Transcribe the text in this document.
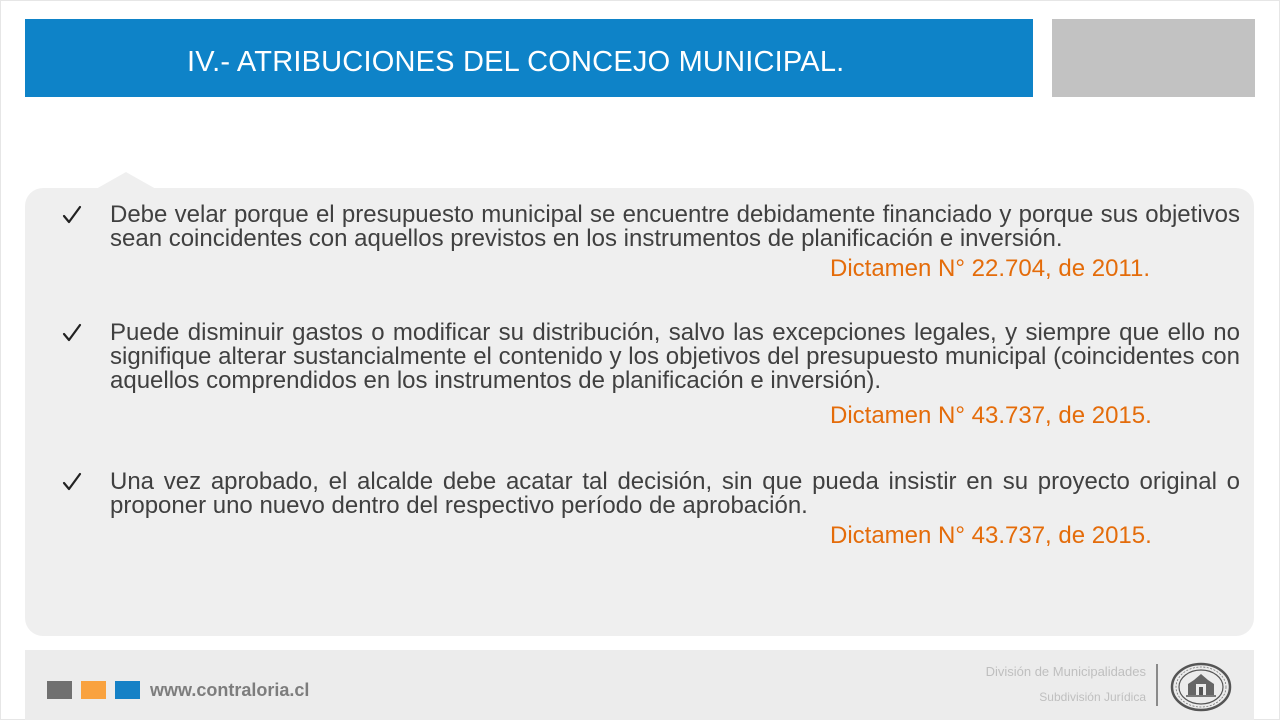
IV.- ATRIBUCIONES DEL CONCEJO MUNICIPAL.
Debe velar porque el presupuesto municipal se encuentre debidamente financiado y porque sus objetivos sean coincidentes con aquellos previstos en los instrumentos de planificación e inversión.
Dictamen N° 22.704, de 2011.
Puede disminuir gastos o modificar su distribución, salvo las excepciones legales, y siempre que ello no signifique alterar sustancialmente el contenido y los objetivos del presupuesto municipal (coincidentes con aquellos comprendidos en los instrumentos de planificación e inversión).
Dictamen N° 43.737, de 2015.
Una vez aprobado, el alcalde debe acatar tal decisión, sin que pueda insistir en su proyecto original o proponer uno nuevo dentro del respectivo período de aprobación.
Dictamen N° 43.737, de 2015.
www.contraloria.cl
División de Municipalidades
Subdivisión Jurídica
